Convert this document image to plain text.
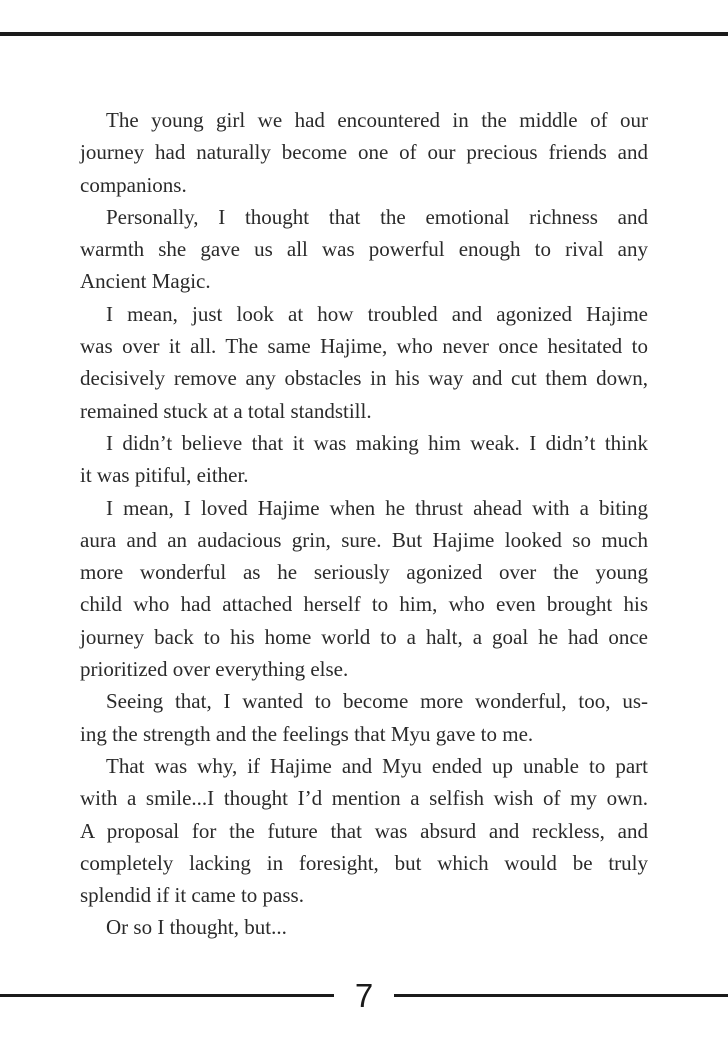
The young girl we had encountered in the middle of our
journey had naturally become one of our precious friends and
companions.
Personally, I thought that the emotional richness and
warmth she gave us all was powerful enough to rival any
Ancient Magic.
I mean, just look at how troubled and agonized Hajime
was over it all. The same Hajime, who never once hesitated to
decisively remove any obstacles in his way and cut them down,
remained stuck at a total standstill.
I didn’t believe that it was making him weak. I didn’t think
it was pitiful, either.
I mean, I loved Hajime when he thrust ahead with a biting
aura and an audacious grin, sure. But Hajime looked so much
more wonderful as he seriously agonized over the young
child who had attached herself to him, who even brought his
journey back to his home world to a halt, a goal he had once
prioritized over everything else.
Seeing that, I wanted to become more wonderful, too, us-
ing the strength and the feelings that Myu gave to me.
That was why, if Hajime and Myu ended up unable to part
with a smile...I thought I’d mention a selfish wish of my own.
A proposal for the future that was absurd and reckless, and
completely lacking in foresight, but which would be truly
splendid if it came to pass.
Or so I thought, but...
7
